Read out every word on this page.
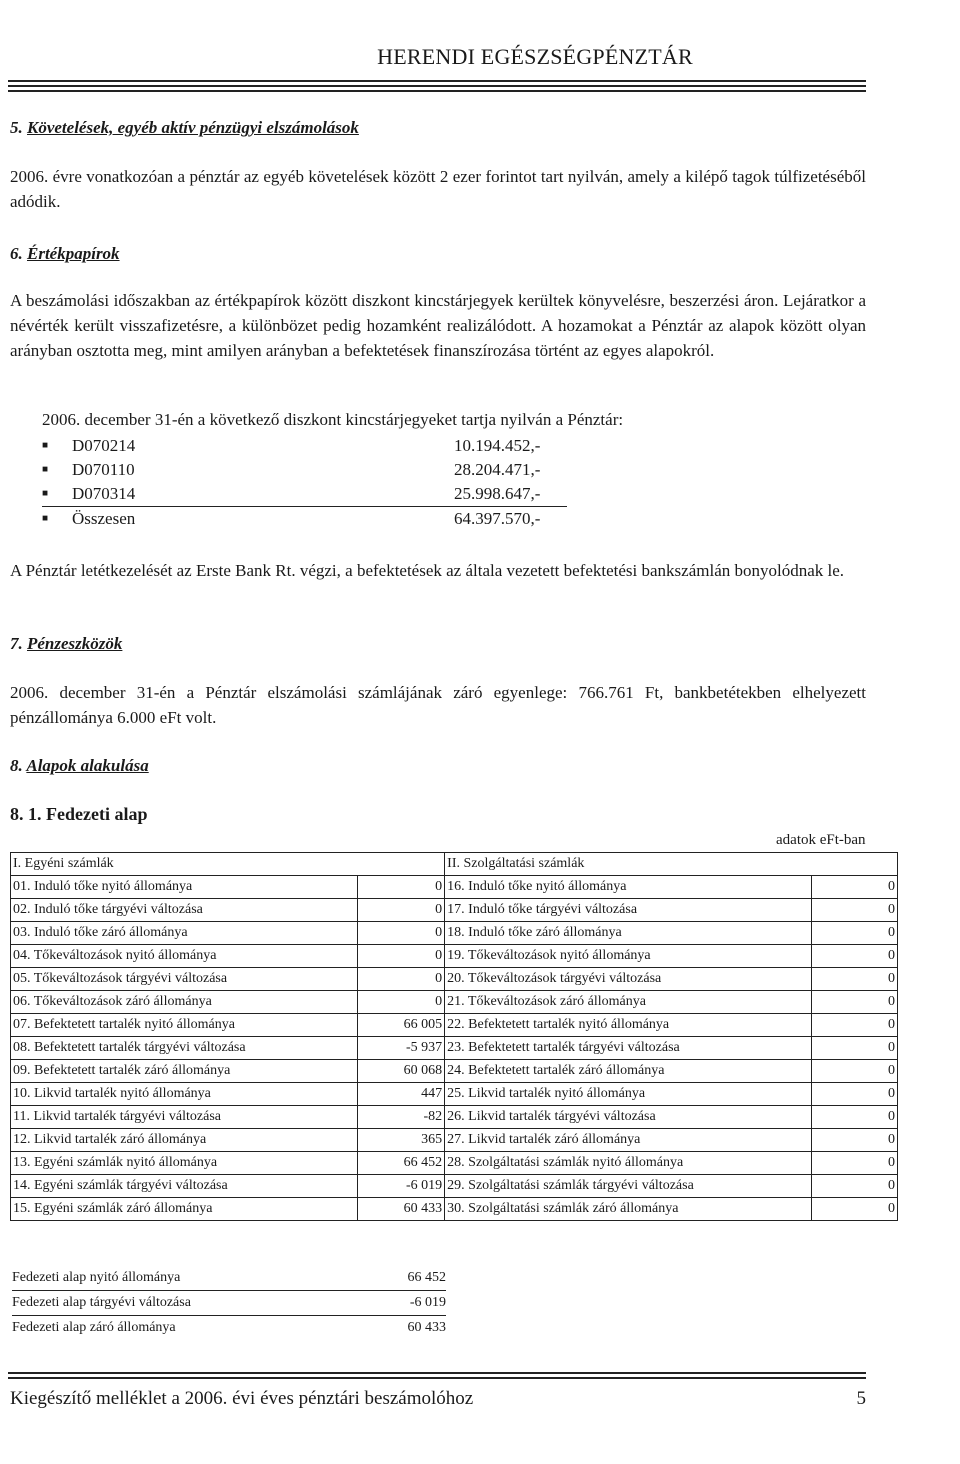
HERENDI EGÉSZSÉGPÉNZTÁR
5. Követelések, egyéb aktív pénzügyi elszámolások
2006. évre vonatkozóan a pénztár az egyéb követelések között 2 ezer forintot tart nyilván, amely a kilépő tagok túlfizetéséből adódik.
6. Értékpapírok
A beszámolási időszakban az értékpapírok között diszkont kincstárjegyek kerültek könyvelésre, beszerzési áron. Lejáratkor a névérték került visszafizetésre, a különbözet pedig hozamként realizálódott. A hozamokat a Pénztár az alapok között olyan arányban osztotta meg, mint amilyen arányban a befektetések finanszírozása történt az egyes alapokról.
2006. december 31-én a következő diszkont kincstárjegyeket tartja nyilván a Pénztár:
■ D070214	10.194.452,-
■ D070110	28.204.471,-
■ D070314	25.998.647,-
■ Összesen	64.397.570,-
A Pénztár letétkezelését az Erste Bank Rt. végzi, a befektetések az általa vezetett befektetési bankszámlán bonyolódnak le.
7. Pénzeszközök
2006. december 31-én a Pénztár elszámolási számlájának záró egyenlege: 766.761 Ft, bankbetétekben elhelyezett pénzállománya 6.000 eFt volt.
8. Alapok alakulása
8. 1. Fedezeti alap
adatok eFt-ban
I. Egyéni számlák		II. Szolgáltatási számlák	
01. Induló tőke nyitó állománya	0	16. Induló tőke nyitó állománya	0
02. Induló tőke tárgyévi változása	0	17. Induló tőke tárgyévi változása	0
03. Induló tőke záró állománya	0	18. Induló tőke záró állománya	0
04. Tőkeváltozások nyitó állománya	0	19. Tőkeváltozások nyitó állománya	0
05. Tőkeváltozások tárgyévi változása	0	20. Tőkeváltozások tárgyévi változása	0
06. Tőkeváltozások záró állománya	0	21. Tőkeváltozások záró állománya	0
07. Befektetett tartalék nyitó állománya	66 005	22. Befektetett tartalék nyitó állománya	0
08. Befektetett tartalék tárgyévi változása	-5 937	23. Befektetett tartalék tárgyévi változása	0
09. Befektetett tartalék záró állománya	60 068	24. Befektetett tartalék záró állománya	0
10. Likvid tartalék nyitó állománya	447	25. Likvid tartalék nyitó állománya	0
11. Likvid tartalék tárgyévi változása	-82	26. Likvid tartalék tárgyévi változása	0
12. Likvid tartalék záró állománya	365	27. Likvid tartalék záró állománya	0
13. Egyéni számlák nyitó állománya	66 452	28. Szolgáltatási számlák nyitó állománya	0
14. Egyéni számlák tárgyévi változása	-6 019	29. Szolgáltatási számlák tárgyévi változása	0
15. Egyéni számlák záró állománya	60 433	30. Szolgáltatási számlák záró állománya	0
Fedezeti alap nyitó állománya	66 452
Fedezeti alap tárgyévi változása	-6 019
Fedezeti alap záró állománya	60 433
Kiegészítő melléklet a 2006. évi éves pénztári beszámolóhoz	5
